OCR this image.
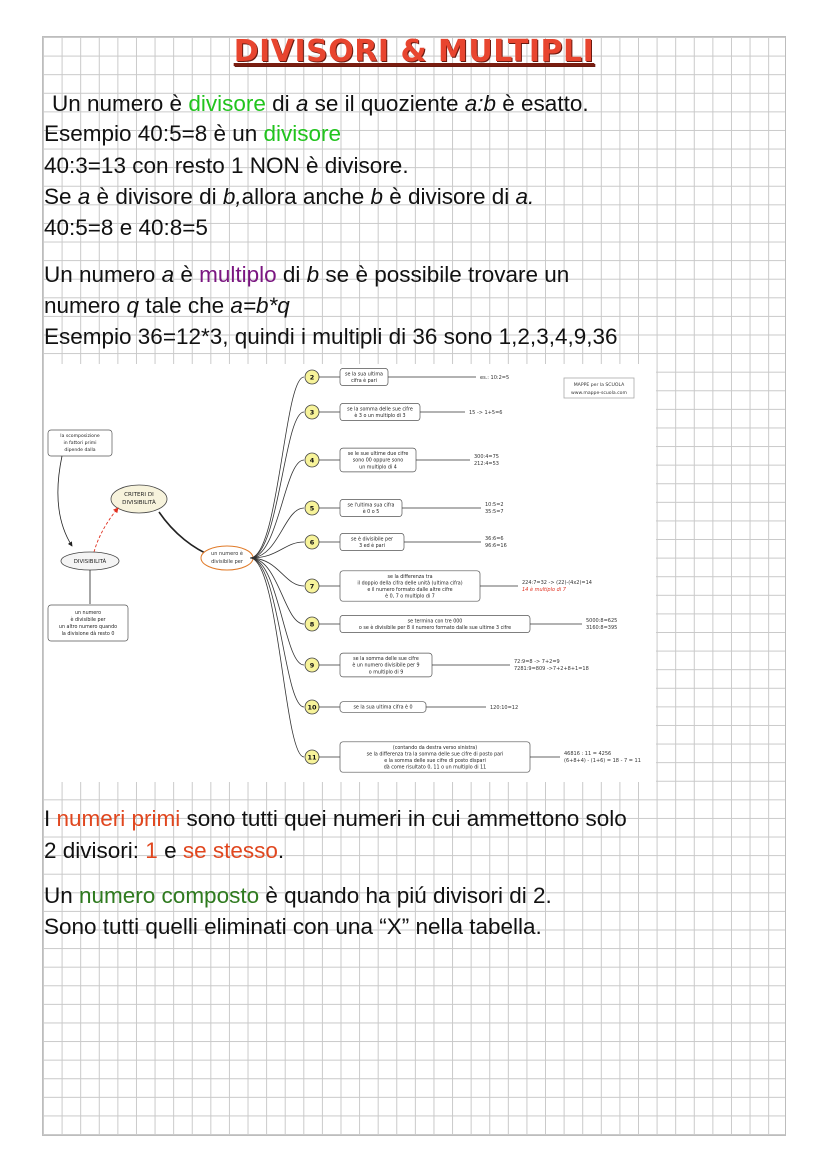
DIVISORI & MULTIPLI
Un numero è divisore di a se il quoziente a:b è esatto.
Esempio 40:5=8 è un divisore
40:3=13 con resto 1 NON è divisore.
Se a è divisore di b,allora anche b è divisore di a.
40:5=8 e 40:8=5
Un numero a è multiplo di b se è possibile trovare un
numero q tale che a=b*q
Esempio 36=12*3, quindi i multipli di 36 sono 1,2,3,4,9,36
MAPPE per la SCUOLA
www.mappe-scuola.com
la scomposizione
in fattori primi
dipende dalla
CRITERI DI
DIVISIBILITÀ
DIVISIBILITÀ
un numero
è divisibile per
un altro numero quando
la divisione dà resto 0
un numero è
divisibile per
2	se la sua ultima
cifra è pari
es.: 10:2=5
3	se la somma delle sue cifre
è 3 o un multiplo di 3
15 -> 1+5=6
4
se le sue ultime due cifre
sono 00 oppure sono
un multiplo di 4
300:4=75
212:4=53
5	se l'ultima sua cifra
è 0 o 5
10:5=2
35:5=7
6	se è divisibile per
3 ed è pari
36:6=6
96:6=16
7
se la differenza tra
il doppio della cifra delle unità (ultima cifra)
e il numero formato dalle altre cifre
è 0, 7 o multiplo di 7
224:7=32 -> (22)-(4x2)=14
14 è multiplo di 7
8	se termina con tre 000
o se è divisibile per 8 il numero formato dalle sue ultime 3 cifre
5000:8=625
3160:8=395
9
se la somma delle sue cifre
è un numero divisibile per 9
o multiplo di 9
72:9=8 -> 7+2=9
7281:9=809 ->7+2+8+1=18
10	se la sua ultima cifra è 0	120:10=12
11
(contando da destra verso sinistra)
se la differenza tra la somma delle sue cifre di posto pari
e la somma delle sue cifre di posto dispari
dà come risultato 0, 11 o un multiplo di 11
46816 : 11 = 4256
(6+8+4) - (1+6) = 18 - 7 = 11
I numeri primi sono tutti quei numeri in cui ammettono solo
2 divisori: 1 e se stesso.
Un numero composto è quando ha piú divisori di 2.
Sono tutti quelli eliminati con una “X” nella tabella.
